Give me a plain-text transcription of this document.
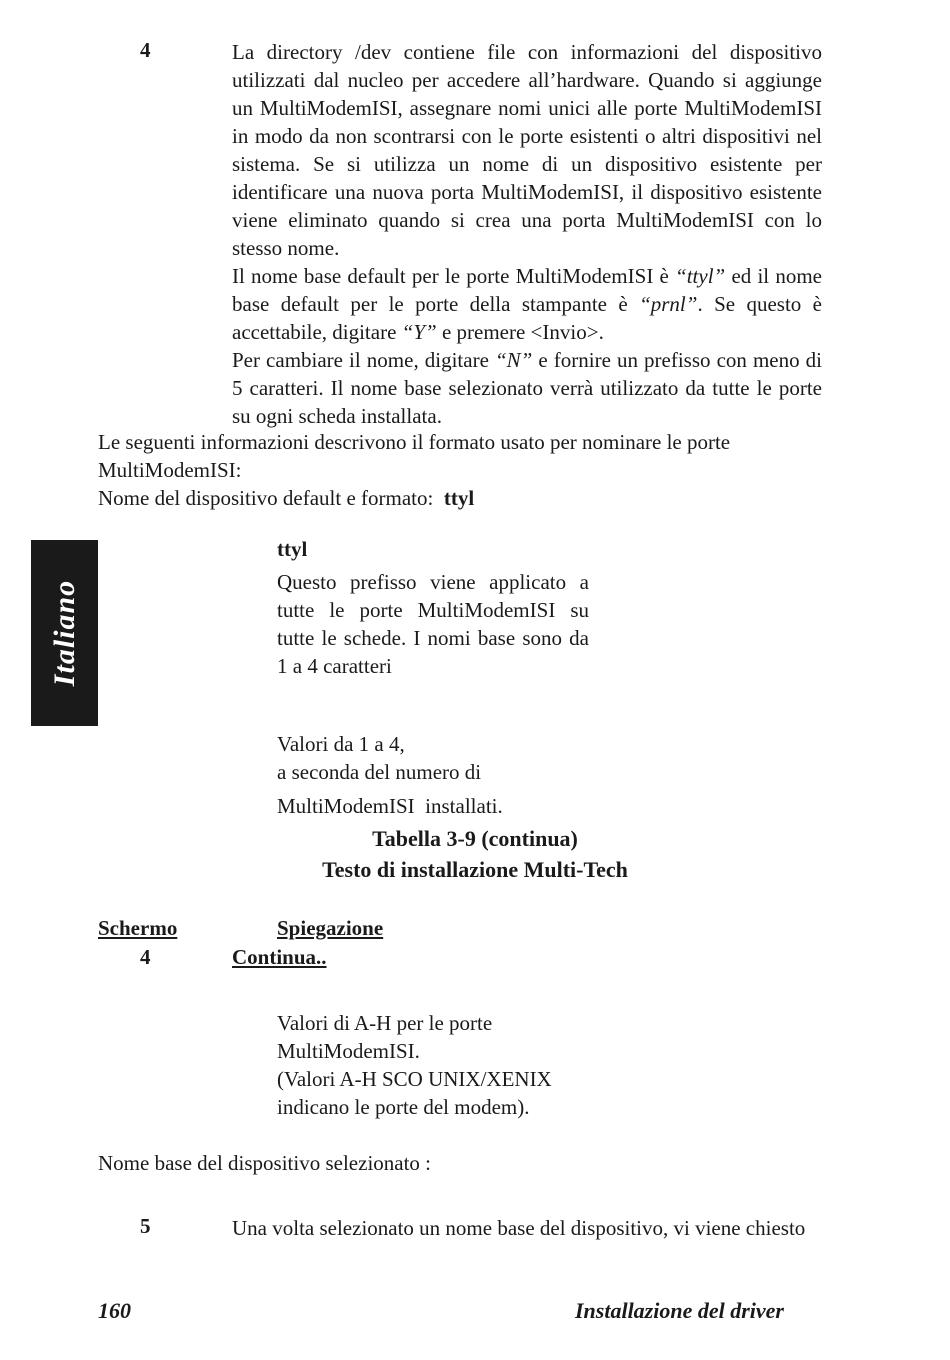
4	La directory /dev contiene file con informazioni del dispositivo utilizzati dal nucleo per accedere all’hardware. Quando si aggiunge un MultiModemISI, assegnare nomi unici alle porte MultiModemISI in modo da non scontrarsi con le porte esistenti o altri dispositivi nel sistema. Se si utilizza un nome di un dispositivo esistente per identificare una nuova porta MultiModemISI, il dispositivo esistente viene eliminato quando si crea una porta MultiModemISI con lo stesso nome.

Il nome base default per le porte MultiModemISI è “ttyl” ed il nome base default per le porte della stampante è “prnl”. Se questo è accettabile, digitare “Y” e premere <Invio>.

Per cambiare il nome, digitare “N” e fornire un prefisso con meno di 5 caratteri. Il nome base selezionato verrà utilizzato da tutte le porte su ogni scheda installata.

Le seguenti informazioni descrivono il formato usato per nominare le porte MultiModemISI:

Nome del dispositivo default e formato: ttyl

Italiano
ttyl

Questo prefisso viene applicato a tutte le porte MultiModemISI su tutte le schede. I nomi base sono da 1 a 4 caratteri

Valori da 1 a 4,
a seconda del numero di
MultiModemISI  installati.
Tabella 3-9 (continua)
Testo di installazione Multi-Tech
Schermo	Spiegazione
4	Continua..
Valori di A-H per le porte
MultiModemISI.
(Valori A-H SCO UNIX/XENIX
indicano le porte del modem).
Nome base del dispositivo selezionato :
5	Una volta selezionato un nome base del dispositivo, vi viene chiesto
160	Installazione del driver
